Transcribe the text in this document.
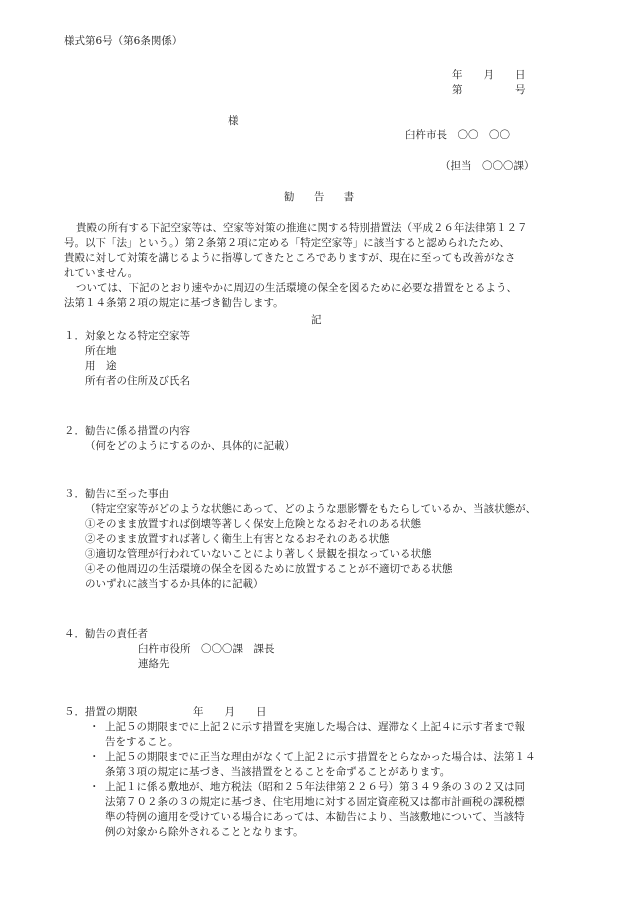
様式第6号（第6条関係）
年　　月　　日
第　　　　　号
様
臼杵市長　〇〇　〇〇
（担当　〇〇〇課）
勧 告 書
貴殿の所有する下記空家等は、空家等対策の推進に関する特別措置法（平成２６年法律第１２７
号。以下「法」という。）第２条第２項に定める「特定空家等」に該当すると認められたため、
貴殿に対して対策を講じるように指導してきたところでありますが、現在に至っても改善がなさ
れていません。
ついては、下記のとおり速やかに周辺の生活環境の保全を図るために必要な措置をとるよう、
法第１４条第２項の規定に基づき勧告します。
記
１．対象となる特定空家等
所在地
用　途
所有者の住所及び氏名
２．勧告に係る措置の内容
（何をどのようにするのか、具体的に記載）
３．勧告に至った事由
（特定空家等がどのような状態にあって、どのような悪影響をもたらしているか、当該状態が、
①そのまま放置すれば倒壊等著しく保安上危険となるおそれのある状態
②そのまま放置すれば著しく衛生上有害となるおそれのある状態
③適切な管理が行われていないことにより著しく景観を損なっている状態
④その他周辺の生活環境の保全を図るために放置することが不適切である状態
のいずれに該当するか具体的に記載）
４．勧告の責任者
臼杵市役所　〇〇〇課　課長
連絡先
５．措置の期限	年　　月　　日
・ 上記５の期限までに上記２に示す措置を実施した場合は、遅滞なく上記４に示す者まで報
告をすること。
・ 上記５の期限までに正当な理由がなくて上記２に示す措置をとらなかった場合は、法第１４
条第３項の規定に基づき、当該措置をとることを命ずることがあります。
・ 上記１に係る敷地が、地方税法（昭和２５年法律第２２６号）第３４９条の３の２又は同
法第７０２条の３の規定に基づき、住宅用地に対する固定資産税又は都市計画税の課税標
準の特例の適用を受けている場合にあっては、本勧告により、当該敷地について、当該特
例の対象から除外されることとなります。
